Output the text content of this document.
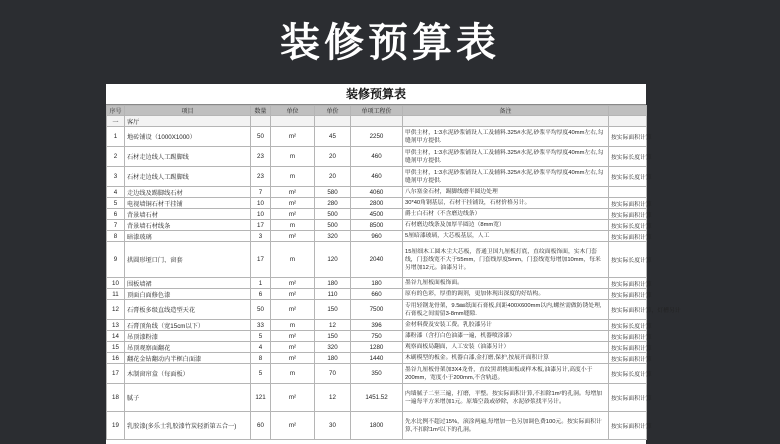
装修预算表
装修预算表
序号	项目	数量	单位	单价	单项工程价	备注	
一	客厅						
1	地砖铺设（1000X1000）	50	m²	45	2250	甲供主材，1:3水泥砂浆铺设人工及辅料.325#水泥,砂浆平均厚度40mm左右,勾缝剂甲方提供.	按实际面积计算
2	石材走边线人工踢脚线	23	m	20	460	甲供主材，1:3水泥砂浆铺设人工及辅料.325#水泥,砂浆平均厚度40mm左右,勾缝剂甲方提供.	按实际长度计算
3	石材走边线人工踢脚线	23	m	20	460	甲供主材，1:3水泥砂浆铺设人工及辅料.325#水泥,砂浆平均厚度40mm左右,勾缝剂甲方提供.	按实际长度计算
4	走边线及踢脚线石材	7	m²	580	4060	八尔塞金石材，踢脚线磨半圆边处理	
5	电视墙铜石材干挂铺	10	m²	280	2800	30*40角钢基层，石材干挂铺设，石材价格另计。	按实际面积计算
6	背景墙石材	10	m²	500	4500	爵士白石材（不含磨边线条）	按实际面积计算
7	背景墙石材线条	17	m	500	8500	石材磨边线条及加厚半圆边（8mm宽）	按实际长度计算
8	暗漆玻璃	3	m²	320	960	5厘暗漆玻璃，大芯板基层，人工	按实际面积计算
9	拱圆形垭口门、窗套	17	m	120	2040	15厘细木工圆木尘大芯板，普通卫国九厘板打底，直纹面板饰面，实木门套线，门套线宽不大于55mm，门套线厚度5mm，门套线宽每增加10mm，每米另增加12元。油漆另计。	按实际长度计算
10	围板墙裙	1	m²	180	180	墨谷九厘板面板饰面。	按实际面积计算
11	顶面白面修色漆	6	m²	110	660	原有的色彩，厚重的调剂，更加体现出深度的好结构。	按实际面积计算
12	石膏板多级直线造型天花	50	m²	150	7500	专用轻钢龙骨架，9.5㎜纸面石膏板,间距400X600mm以内,螺丝需做防锈处理,石膏板之间需留3-8mm缝隙.	按实际面积计算，灯槽另计
13	石膏顶角线（宽15cm以下）	33	m	12	396	金材料费及安装工费。乳胶漆另计	按实际长度计算
14	吊顶漆粉漆	5	m²	150	750	漆粉漆（含打白色油漆一遍，机器喷涂漆）	按实际面积计算
15	吊顶观察面翻花	4	m²	320	1280	观察面板局翻面，人工安装（油漆另计）	按实际面积计算
16	翻花金钻翻动内半框白面漆	8	m²	180	1440	木刷模型的板金。机器白漆,金打磨,保护,按展开面积计算	按实际面积计算
17	木制窗帘盒（每面板）	5	m	70	350	墨谷九厘板骨架加3X4龙骨，直纹黑胡桃面板或样木板,油漆另计,高度小于200mm，宽度小于200mm,不含轨道。	按实际长度计算
18	腻子	121	m²	12	1451.52	内墙腻子二至三遍，打磨，平整。按实际面积计算,不扣除1m²的孔洞。每增加一遍每平方米增加1元。原墙空鼓或砂除，水泥砂浆找平另计。	按实际面积计算
19	乳胶漆(多乐士乳胶漆竹炭轻新第五合一)	60	m²	30	1800	先水比例不超过15%，滚涂两遍,每增加一色另加调色费100元。按实际面积计算,不扣除1m²以下的孔洞。	按实际面积计算
